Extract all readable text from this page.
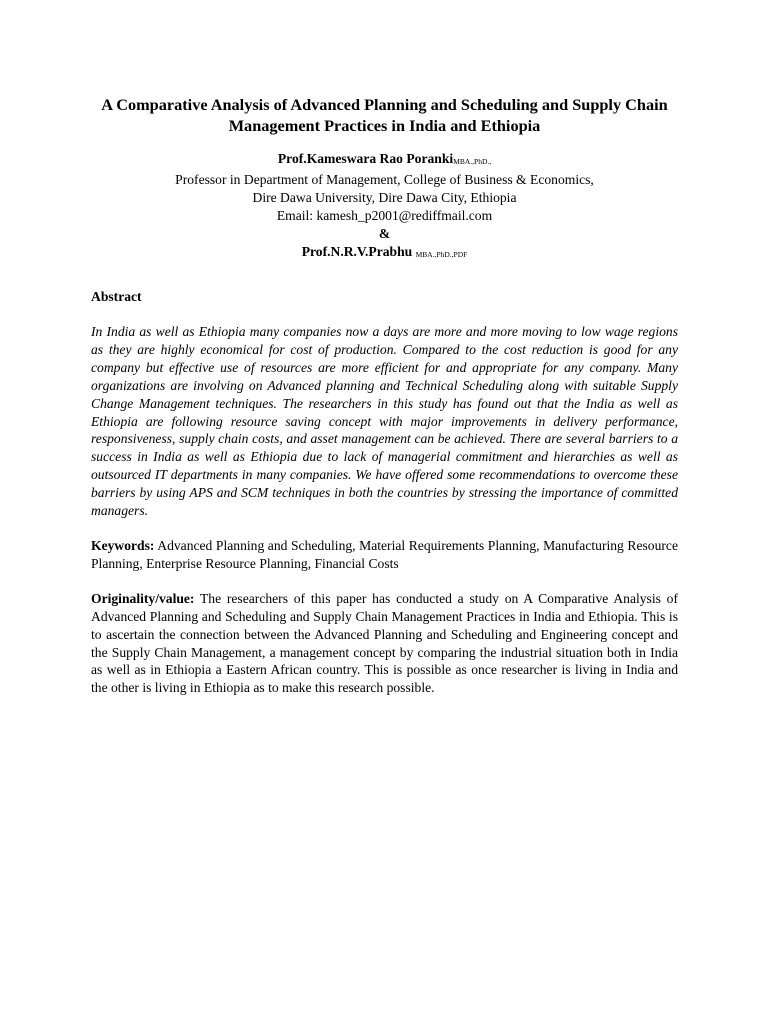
A Comparative Analysis of Advanced Planning and Scheduling and Supply Chain Management Practices in India and Ethiopia
Prof.Kameswara Rao PorankiMBA.,PhD.,
Professor in Department of Management, College of Business & Economics,
Dire Dawa University, Dire Dawa City, Ethiopia
Email: kamesh_p2001@rediffmail.com
&
Prof.N.R.V.Prabhu MBA.,PhD.,PDF
Abstract
In India as well as Ethiopia many companies now a days are more and more moving to low wage regions as they are highly economical for cost of production. Compared to the cost reduction is good for any company but effective use of resources are more efficient for and appropriate for any company. Many organizations are involving on Advanced planning and Technical Scheduling along with suitable Supply Change Management techniques. The researchers in this study has found out that the India as well as Ethiopia are following resource saving concept with major improvements in delivery performance, responsiveness, supply chain costs, and asset management can be achieved. There are several barriers to a success in India as well as Ethiopia due to lack of managerial commitment and hierarchies as well as outsourced IT departments in many companies. We have offered some recommendations to overcome these barriers by using APS and SCM techniques in both the countries by stressing the importance of committed managers.
Keywords: Advanced Planning and Scheduling, Material Requirements Planning, Manufacturing Resource Planning, Enterprise Resource Planning, Financial Costs
Originality/value: The researchers of this paper has conducted a study on A Comparative Analysis of Advanced Planning and Scheduling and Supply Chain Management Practices in India and Ethiopia. This is to ascertain the connection between the Advanced Planning and Scheduling and Engineering concept and the Supply Chain Management, a management concept by comparing the industrial situation both in India as well as in Ethiopia a Eastern African country. This is possible as once researcher is living in India and the other is living in Ethiopia as to make this research possible.
